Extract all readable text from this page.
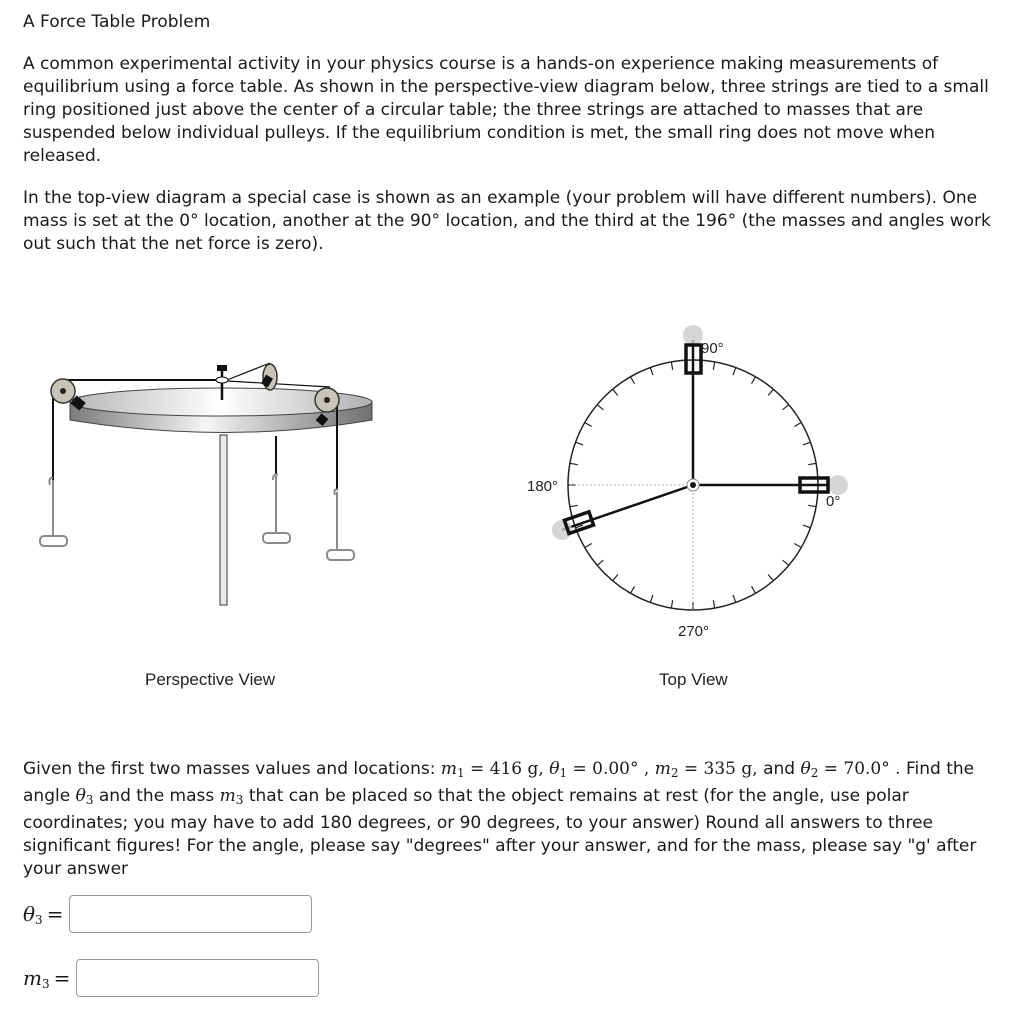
A Force Table Problem
A common experimental activity in your physics course is a hands-on experience making measurements of equilibrium using a force table. As shown in the perspective-view diagram below, three strings are tied to a small ring positioned just above the center of a circular table; the three strings are attached to masses that are suspended below individual pulleys. If the equilibrium condition is met, the small ring does not move when released.
In the top-view diagram a special case is shown as an example (your problem will have different numbers). One mass is set at the 0° location, another at the 90° location, and the third at the 196° (the masses and angles work out such that the net force is zero).
90°
0°
180°
270°
Perspective View	Top View
Given the first two masses values and locations: $m_1 = 416$ g, $\theta_1 = 0.00^\circ$ , $m_2 = 335$ g, and $\theta_2 = 70.0^\circ$ . Find the angle $\theta_3$ and the mass $m_3$ that can be placed so that the object remains at rest (for the angle, use polar coordinates; you may have to add 180 degrees, or 90 degrees, to your answer) Round all answers to three significant figures! For the angle, please say "degrees" after your answer, and for the mass, please say "g' after your answer
$\theta_3$ =
$m_3$ =
